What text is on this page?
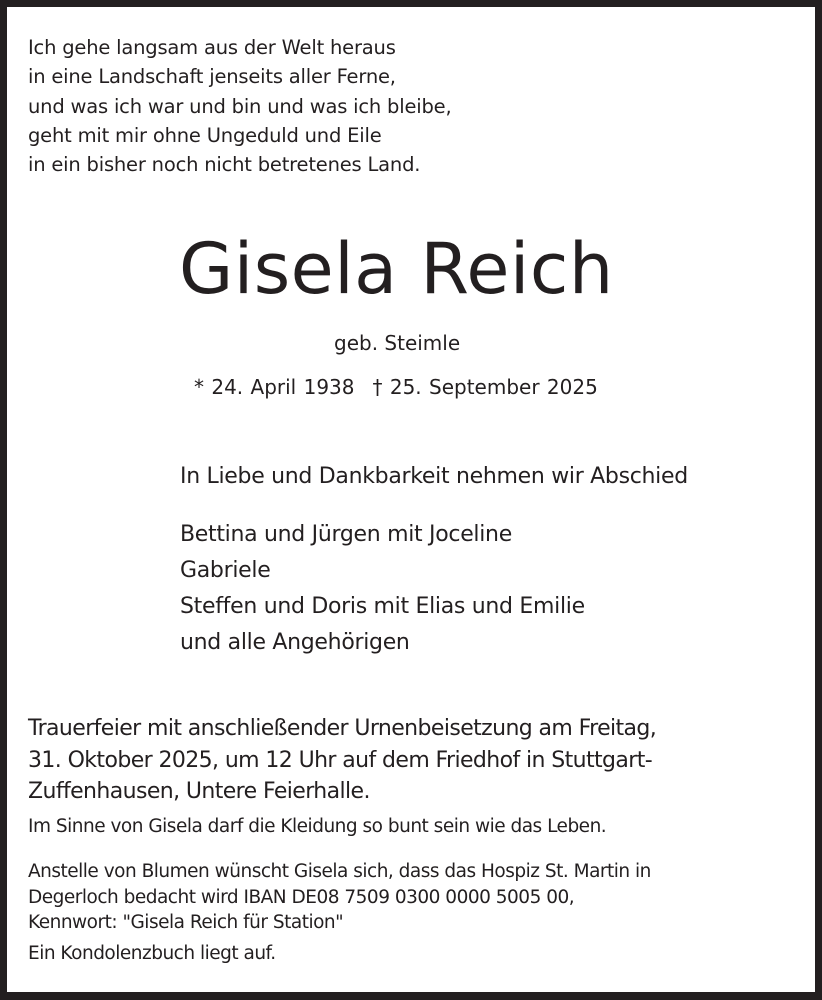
Ich gehe langsam aus der Welt heraus
in eine Landschaft jenseits aller Ferne,
und was ich war und bin und was ich bleibe,
geht mit mir ohne Ungeduld und Eile
in ein bisher noch nicht betretenes Land.
Gisela Reich
geb. Steimle
* 24. April 1938 † 25. September 2025
In Liebe und Dankbarkeit nehmen wir Abschied
Bettina und Jürgen mit Joceline
Gabriele
Steffen und Doris mit Elias und Emilie
und alle Angehörigen
Trauerfeier mit anschließender Urnenbeisetzung am Freitag,
31. Oktober 2025, um 12 Uhr auf dem Friedhof in Stuttgart-
Zuffenhausen, Untere Feierhalle.
Im Sinne von Gisela darf die Kleidung so bunt sein wie das Leben.
Anstelle von Blumen wünscht Gisela sich, dass das Hospiz St. Martin in
Degerloch bedacht wird IBAN DE08 7509 0300 0000 5005 00,
Kennwort: "Gisela Reich für Station"
Ein Kondolenzbuch liegt auf.
